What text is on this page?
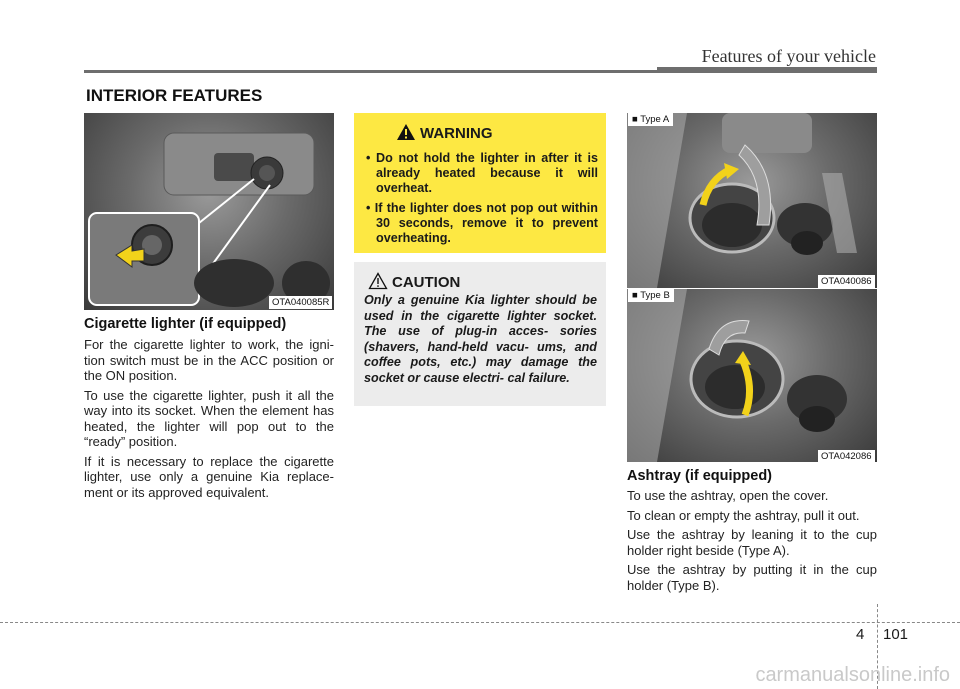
Features of your vehicle
INTERIOR FEATURES
OTA040085R
Cigarette lighter (if equipped)

For the cigarette lighter to work, the igni- tion switch must be in the ACC position or the ON position.

To use the cigarette lighter, push it all the way into its socket. When the element has heated, the lighter will pop out to the “ready” position.

If it is necessary to replace the cigarette lighter, use only a genuine Kia replace- ment or its approved equivalent.

WARNING
• Do not hold the lighter in after it is already heated because it will overheat.
• If the lighter does not pop out within 30 seconds, remove it to prevent overheating.
CAUTION
Only a genuine Kia lighter should be used in the cigarette lighter socket. The use of plug-in acces- sories (shavers, hand-held vacu- ums, and coffee pots, etc.) may damage the socket or cause electri- cal failure.
■ Type A
OTA040086
■ Type B
OTA042086
Ashtray (if equipped)

To use the ashtray, open the cover.

To clean or empty the ashtray, pull it out.

Use the ashtray by leaning it to the cup holder right beside (Type A).

Use the ashtray by putting it in the cup holder (Type B).

4 101
carmanualsonline.info
